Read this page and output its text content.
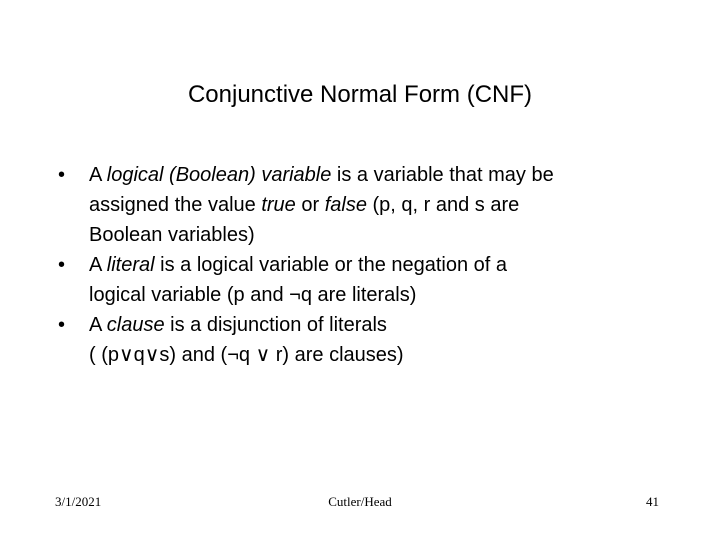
Conjunctive Normal Form (CNF)
•	A logical (Boolean) variable is a variable that may be
assigned the value true or false (p, q, r and s are
Boolean variables)
•	A literal is a logical variable or the negation of a
logical variable (p and ¬q are literals)
•	A clause is a disjunction of literals
( (p∨q∨s) and (¬q ∨ r) are clauses)
3/1/2021	Cutler/Head	41
